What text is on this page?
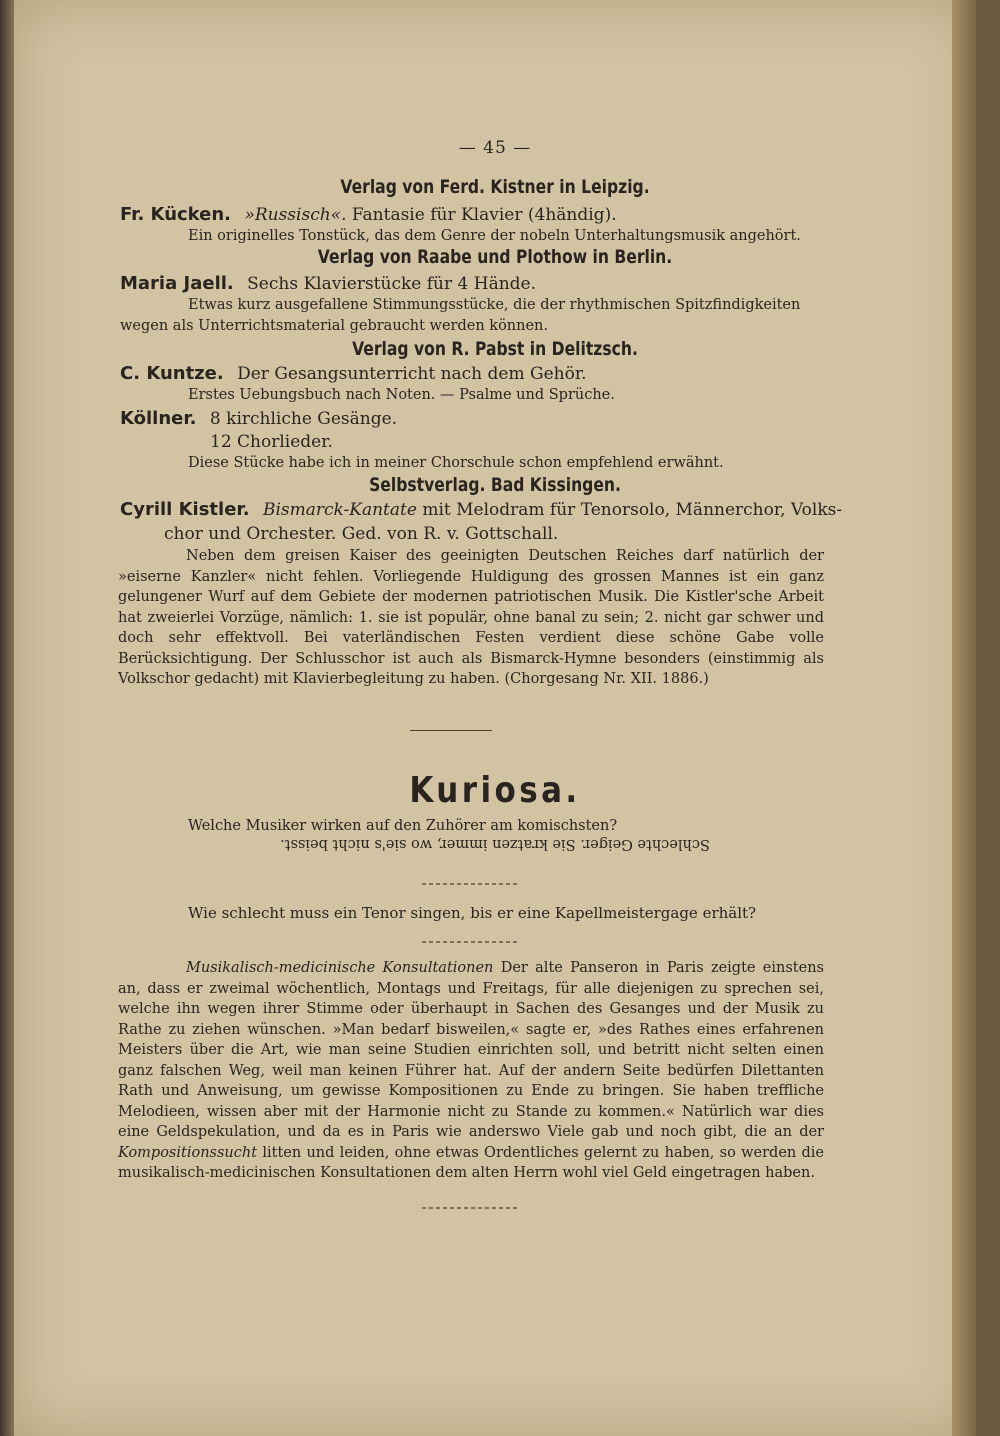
— 45 —
Verlag von Ferd. Kistner in Leipzig.
Fr. Kücken. »Russisch«. Fantasie für Klavier (4händig).
Ein originelles Tonstück, das dem Genre der nobeln Unterhaltungsmusik angehört.
Verlag von Raabe und Plothow in Berlin.
Maria Jaell. Sechs Klavierstücke für 4 Hände.
Etwas kurz ausgefallene Stimmungsstücke, die der rhythmischen Spitzfindigkeiten
wegen als Unterrichtsmaterial gebraucht werden können.
Verlag von R. Pabst in Delitzsch.
C. Kuntze. Der Gesangsunterricht nach dem Gehör.
Erstes Uebungsbuch nach Noten. — Psalme und Sprüche.
Köllner. 8 kirchliche Gesänge.
12 Chorlieder.
Diese Stücke habe ich in meiner Chorschule schon empfehlend erwähnt.
Selbstverlag. Bad Kissingen.
Cyrill Kistler. Bismarck-Kantate mit Melodram für Tenorsolo, Männerchor, Volks-
chor und Orchester. Ged. von R. v. Gottschall.

Neben dem greisen Kaiser des geeinigten Deutschen Reiches darf natürlich der »eiserne Kanzler« nicht fehlen. Vorliegende Huldigung des grossen Mannes ist ein ganz gelungener Wurf auf dem Gebiete der modernen patriotischen Musik. Die Kistler'sche Arbeit hat zweierlei Vorzüge, nämlich: 1. sie ist populär, ohne banal zu sein; 2. nicht gar schwer und doch sehr effektvoll. Bei vaterländischen Festen verdient diese schöne Gabe volle Berücksichtigung. Der Schlusschor ist auch als Bismarck-Hymne besonders (einstimmig als Volkschor gedacht) mit Klavierbegleitung zu haben. (Chorgesang Nr. XII. 1886.)

Kuriosa.
Welche Musiker wirken auf den Zuhörer am komischsten?
Schlechte Geiger. Sie kratzen immer, wo sie's nicht beisst.
Wie schlecht muss ein Tenor singen, bis er eine Kapellmeistergage erhält?

Musikalisch-medicinische Konsultationen Der alte Panseron in Paris zeigte einstens an, dass er zweimal wöchentlich, Montags und Freitags, für alle diejenigen zu sprechen sei, welche ihn wegen ihrer Stimme oder überhaupt in Sachen des Gesanges und der Musik zu Rathe zu ziehen wünschen. »Man bedarf bisweilen,« sagte er, »des Rathes eines erfahrenen Meisters über die Art, wie man seine Studien einrichten soll, und betritt nicht selten einen ganz falschen Weg, weil man keinen Führer hat. Auf der andern Seite bedürfen Dilettanten Rath und Anweisung, um gewisse Kompositionen zu Ende zu bringen. Sie haben treffliche Melodieen, wissen aber mit der Harmonie nicht zu Stande zu kommen.« Natürlich war dies eine Geldspekulation, und da es in Paris wie anderswo Viele gab und noch gibt, die an der Kompositionssucht litten und leiden, ohne etwas Ordentliches gelernt zu haben, so werden die musikalisch-medicinischen Konsultationen dem alten Herrn wohl viel Geld eingetragen haben.
